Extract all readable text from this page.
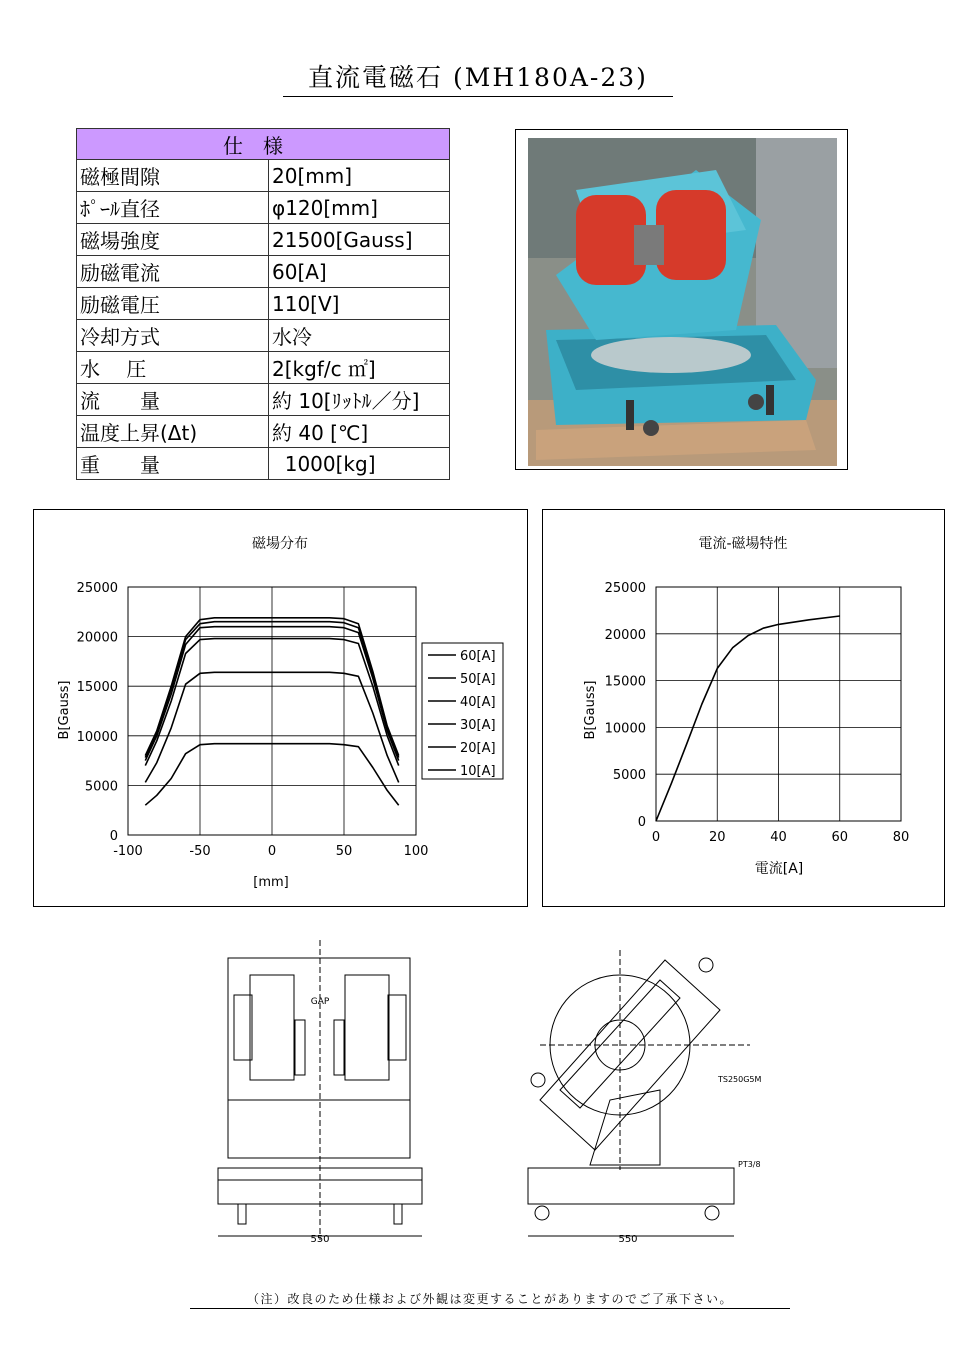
直流電磁石 (MH180A-23)
仕様	
磁極間隙	20[mm]
ﾎﾟｰﾙ直径	φ120[mm]
磁場強度	21500[Gauss]
励磁電流	60[A]
励磁電圧	110[V]
冷却方式	水冷
水　 圧	2[kgf/c ㎡]
流　　量	約 10[ﾘｯﾄﾙ／分]
温度上昇(Δt)	約 40 [℃]
重　　量	1000[kg]
磁場分布
[mm]
B[Gauss]
-100	-50	0	50	100
0
5000
10000
15000
20000
25000
60[A]
50[A]
40[A]
30[A]
20[A]
10[A]
電流-磁場特性
電流[A]
B[Gauss]
0	20	40	60	80
0
5000
10000
15000
20000
25000
GAP
550
TS250G5M
PT3/8
550
（注）改良のため仕様および外観は変更することがありますのでご了承下さい。
